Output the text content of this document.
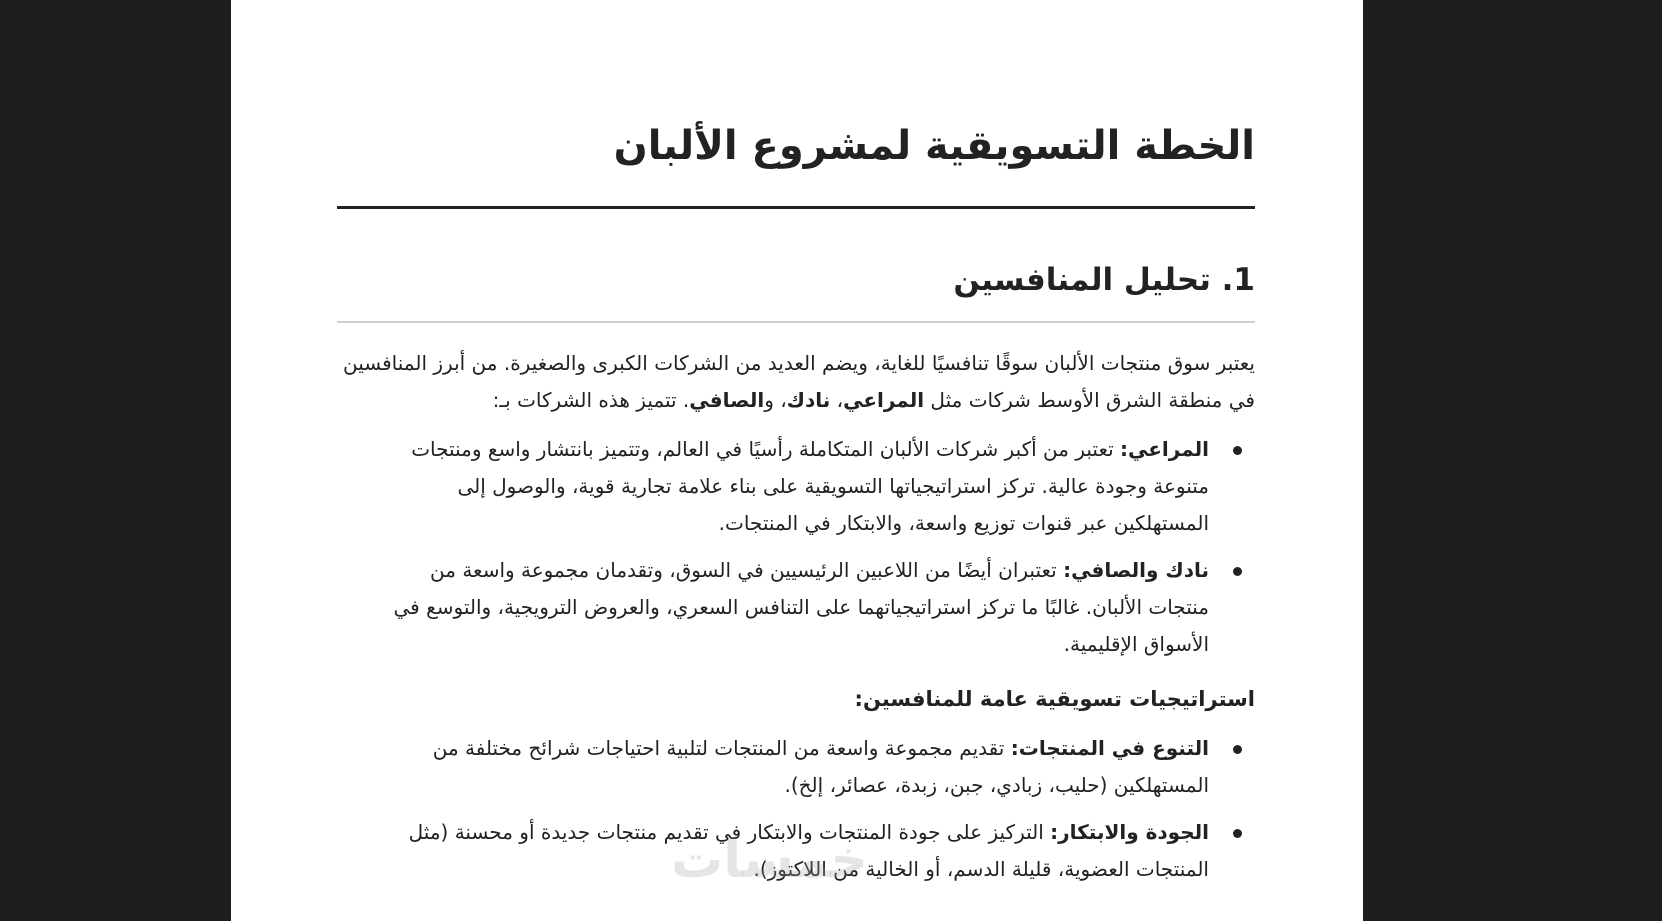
الخطة التسويقية لمشروع الألبان
1. تحليل المنافسين

يعتبر سوق منتجات الألبان سوقًا تنافسيًا للغاية، ويضم العديد من الشركات الكبرى والصغيرة. من أبرز المنافسين في منطقة الشرق الأوسط شركات مثل المراعي، نادك، والصافي. تتميز هذه الشركات بـ:

المراعي: تعتبر من أكبر شركات الألبان المتكاملة رأسيًا في العالم، وتتميز بانتشار واسع ومنتجات متنوعة وجودة عالية. تركز استراتيجياتها التسويقية على بناء علامة تجارية قوية، والوصول إلى المستهلكين عبر قنوات توزيع واسعة، والابتكار في المنتجات.
نادك والصافي: تعتبران أيضًا من اللاعبين الرئيسيين في السوق، وتقدمان مجموعة واسعة من منتجات الألبان. غالبًا ما تركز استراتيجياتهما على التنافس السعري، والعروض الترويجية، والتوسع في الأسواق الإقليمية.
استراتيجيات تسويقية عامة للمنافسين:
التنوع في المنتجات: تقديم مجموعة واسعة من المنتجات لتلبية احتياجات شرائح مختلفة من المستهلكين (حليب، زبادي، جبن، زبدة، عصائر، إلخ).
الجودة والابتكار: التركيز على جودة المنتجات والابتكار في تقديم منتجات جديدة أو محسنة (مثل المنتجات العضوية، قليلة الدسم، أو الخالية من اللاكتوز).
خمسات
